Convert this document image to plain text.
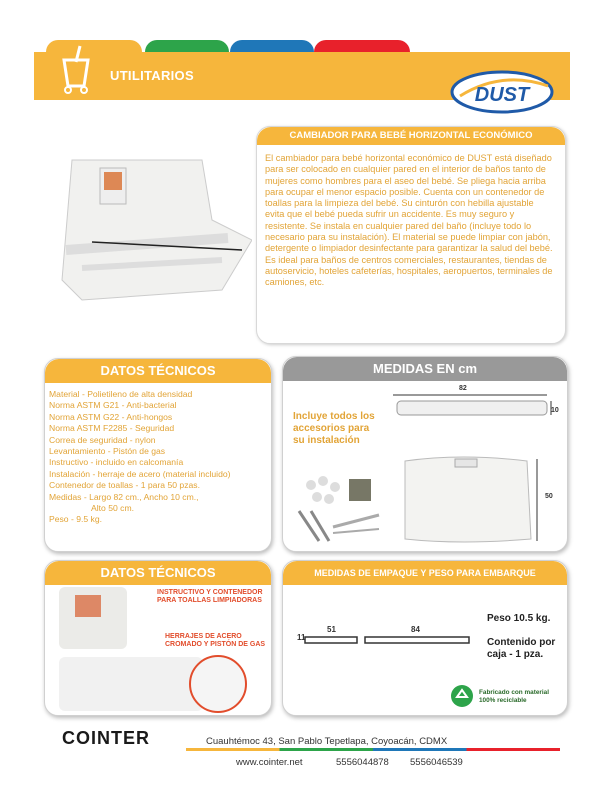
UTILITARIOS
DUST
CAMBIADOR PARA BEBÉ HORIZONTAL ECONÓMICO
El cambiador para bebé horizontal económico de DUST está diseñado para ser colocado en cualquier pared en el interior de baños tanto de mujeres como hombres para el aseo del bebé. Se pliega hacia arriba para ocupar el menor espacio posible. Cuenta con un contenedor de toallas para la limpieza del bebé. Su cinturón con hebilla ajustable evita que el bebé pueda sufrir un accidente. Es muy seguro y resistente. Se instala en cualquier pared del baño (incluye todo lo necesario para su instalación). El material se puede limpiar con jabón, detergente o limpiador desinfectante para garantizar la salud del bebé. Es ideal para baños de centros comerciales, restaurantes, tiendas de autoservicio, hoteles cafeterías, hospitales, aeropuertos, terminales de camiones, etc.
DATOS TÉCNICOS
Material - Polietileno de alta densidad
Norma ASTM G21 - Anti-bacterial
Norma ASTM G22 - Anti-hongos
Norma ASTM F2285 - Seguridad
Correa de seguridad - nylon
Levantamiento - Pistón de gas
Instructivo - incluido en calcomanía
Instalación - herraje de acero (material incluido)
Contenedor de toallas - 1 para 50 pzas.
Medidas - Largo 82 cm., Ancho 10 cm.,
Alto 50 cm.
Peso - 9.5 kg.
MEDIDAS EN cm
Incluye todos los accesorios para su instalación
82
10
50
DATOS TÉCNICOS
INSTRUCTIVO Y CONTENEDOR PARA TOALLAS LIMPIADORAS
HERRAJES DE ACERO CROMADO Y PISTÓN DE GAS
MEDIDAS DE EMPAQUE Y PESO PARA EMBARQUE
11
51	84
Peso 10.5 kg.
Contenido por caja - 1 pza.
Fabricado con material 100% reciclable
COINTER	Cuauhtémoc 43, San Pablo Tepetlapa, Coyoacán, CDMX
www.cointer.net	5556044878 5556046539
